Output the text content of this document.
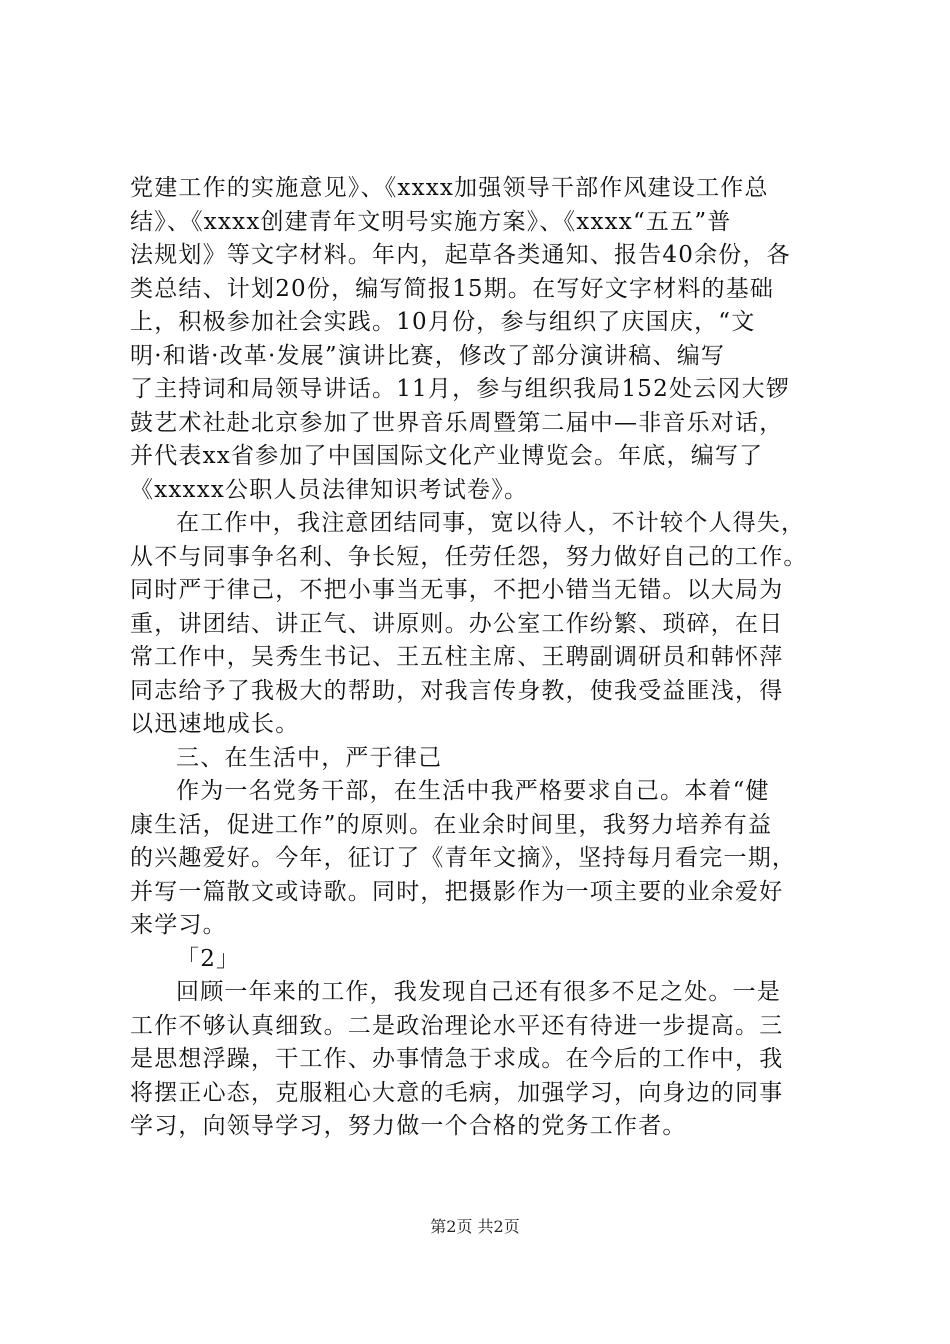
党建工作的实施意见》、《xxxx加强领导干部作风建设工作总
结》、《xxxx创建青年文明号实施方案》、《xxxx“五五”普
法规划》等文字材料。年内，起草各类通知、报告40余份，各
类总结、计划20份，编写简报15期。在写好文字材料的基础
上，积极参加社会实践。10月份，参与组织了庆国庆，“文
明·和谐·改革·发展”演讲比赛，修改了部分演讲稿、编写
了主持词和局领导讲话。11月，参与组织我局152处云冈大锣
鼓艺术社赴北京参加了世界音乐周暨第二届中—非音乐对话，
并代表xx省参加了中国国际文化产业博览会。年底，编写了
《xxxxx公职人员法律知识考试卷》。
在工作中，我注意团结同事，宽以待人，不计较个人得失，
从不与同事争名利、争长短，任劳任怨，努力做好自己的工作。
同时严于律己，不把小事当无事，不把小错当无错。以大局为
重，讲团结、讲正气、讲原则。办公室工作纷繁、琐碎，在日
常工作中，吴秀生书记、王五柱主席、王聘副调研员和韩怀萍
同志给予了我极大的帮助，对我言传身教，使我受益匪浅，得
以迅速地成长。
三、在生活中，严于律己
作为一名党务干部，在生活中我严格要求自己。本着“健
康生活，促进工作”的原则。在业余时间里，我努力培养有益
的兴趣爱好。今年，征订了《青年文摘》，坚持每月看完一期，
并写一篇散文或诗歌。同时，把摄影作为一项主要的业余爱好
来学习。
「2」
回顾一年来的工作，我发现自己还有很多不足之处。一是
工作不够认真细致。二是政治理论水平还有待进一步提高。三
是思想浮躁，干工作、办事情急于求成。在今后的工作中，我
将摆正心态，克服粗心大意的毛病，加强学习，向身边的同事
学习，向领导学习，努力做一个合格的党务工作者。
第2页 共2页
